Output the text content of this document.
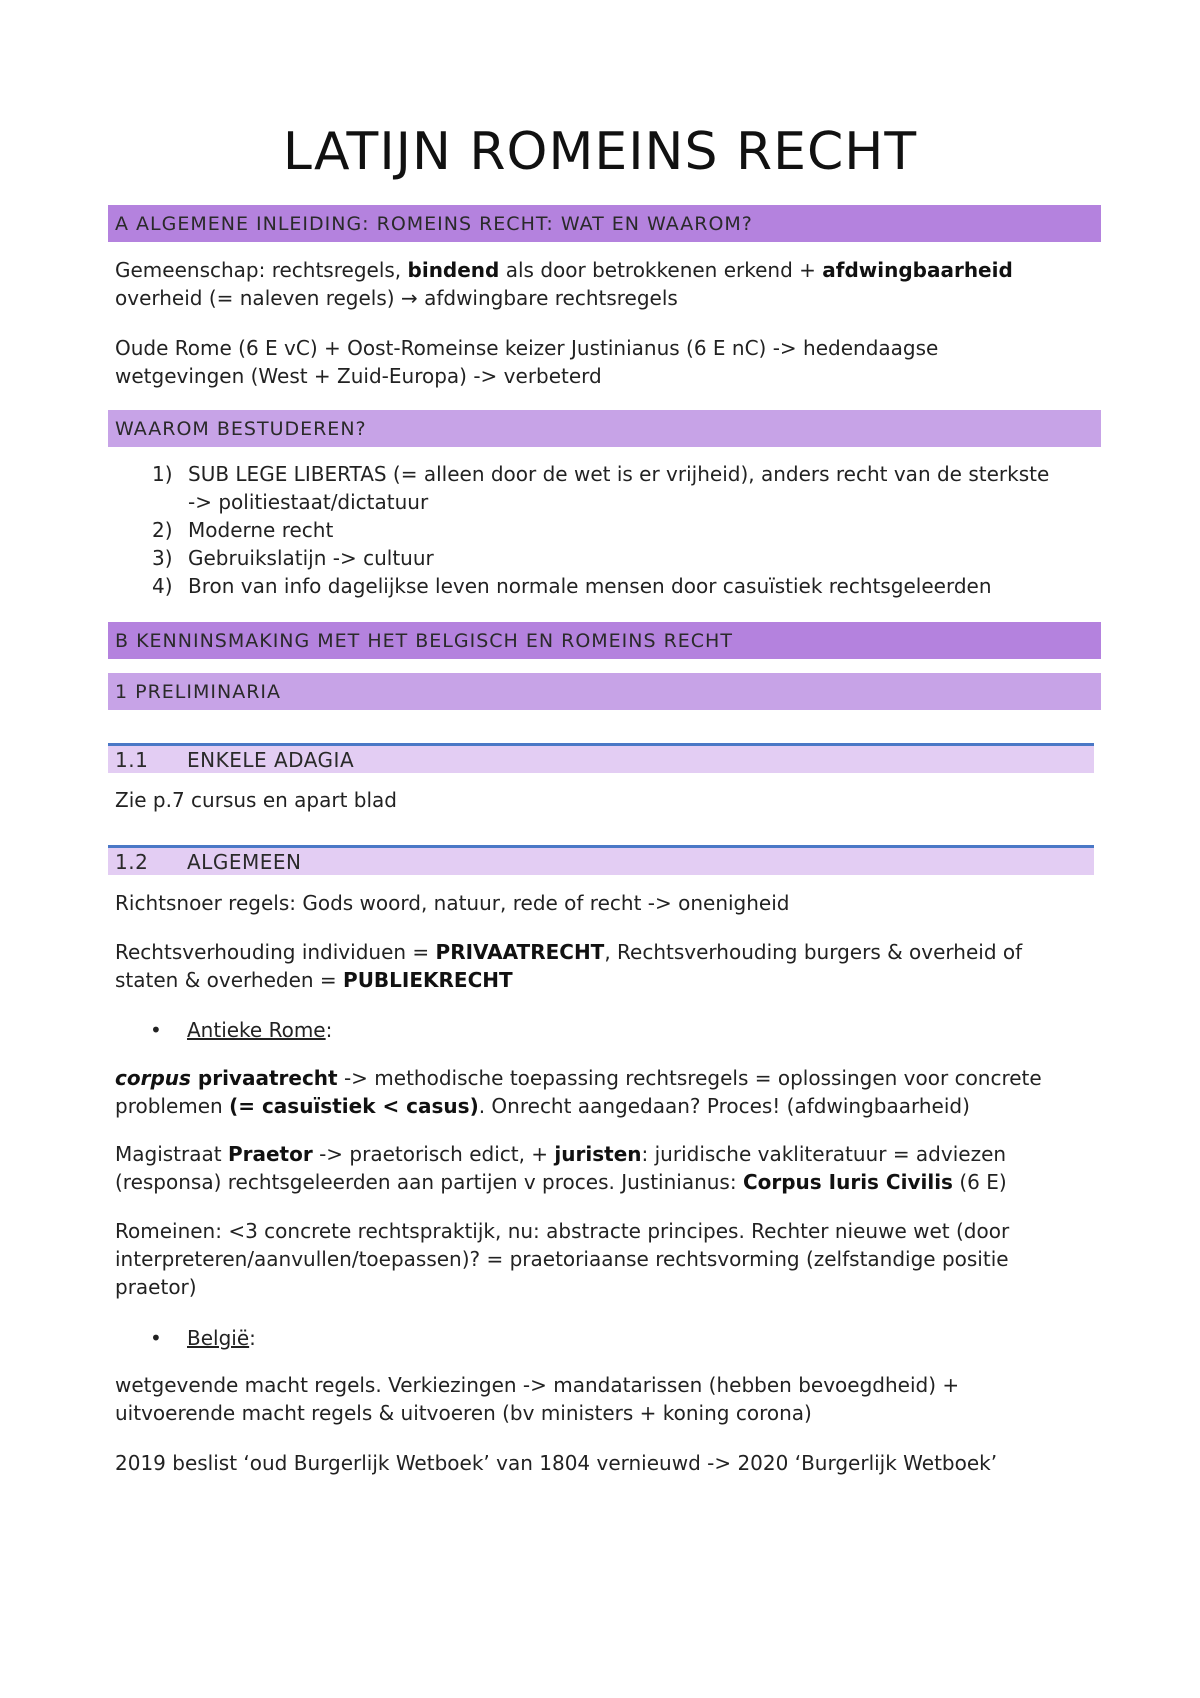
LATIJN ROMEINS RECHT
A ALGEMENE INLEIDING: ROMEINS RECHT: WAT EN WAAROM?
Gemeenschap: rechtsregels, bindend als door betrokkenen erkend + afdwingbaarheid
overheid (= naleven regels) → afdwingbare rechtsregels
Oude Rome (6 E vC) + Oost-Romeinse keizer Justinianus (6 E nC) -> hedendaagse
wetgevingen (West + Zuid-Europa) -> verbeterd
WAAROM BESTUDEREN?
1) SUB LEGE LIBERTAS (= alleen door de wet is er vrijheid), anders recht van de sterkste
-> politiestaat/dictatuur
2) Moderne recht
3) Gebruikslatijn -> cultuur
4) Bron van info dagelijkse leven normale mensen door casuïstiek rechtsgeleerden
B KENNINSMAKING MET HET BELGISCH EN ROMEINS RECHT
1 PRELIMINARIA
1.1	ENKELE ADAGIA
Zie p.7 cursus en apart blad
1.2	ALGEMEEN
Richtsnoer regels: Gods woord, natuur, rede of recht -> onenigheid
Rechtsverhouding individuen = PRIVAATRECHT, Rechtsverhouding burgers & overheid of
staten & overheden = PUBLIEKRECHT
• Antieke Rome:
corpus privaatrecht -> methodische toepassing rechtsregels = oplossingen voor concrete
problemen (= casuïstiek < casus). Onrecht aangedaan? Proces! (afdwingbaarheid)
Magistraat Praetor -> praetorisch edict, + juristen: juridische vakliteratuur = adviezen
(responsa) rechtsgeleerden aan partijen v proces. Justinianus: Corpus Iuris Civilis (6 E)
Romeinen: <3 concrete rechtspraktijk, nu: abstracte principes. Rechter nieuwe wet (door
interpreteren/aanvullen/toepassen)? = praetoriaanse rechtsvorming (zelfstandige positie
praetor)
• België:
wetgevende macht regels. Verkiezingen -> mandatarissen (hebben bevoegdheid) +
uitvoerende macht regels & uitvoeren (bv ministers + koning corona)
2019 beslist ‘oud Burgerlijk Wetboek’ van 1804 vernieuwd -> 2020 ‘Burgerlijk Wetboek’
